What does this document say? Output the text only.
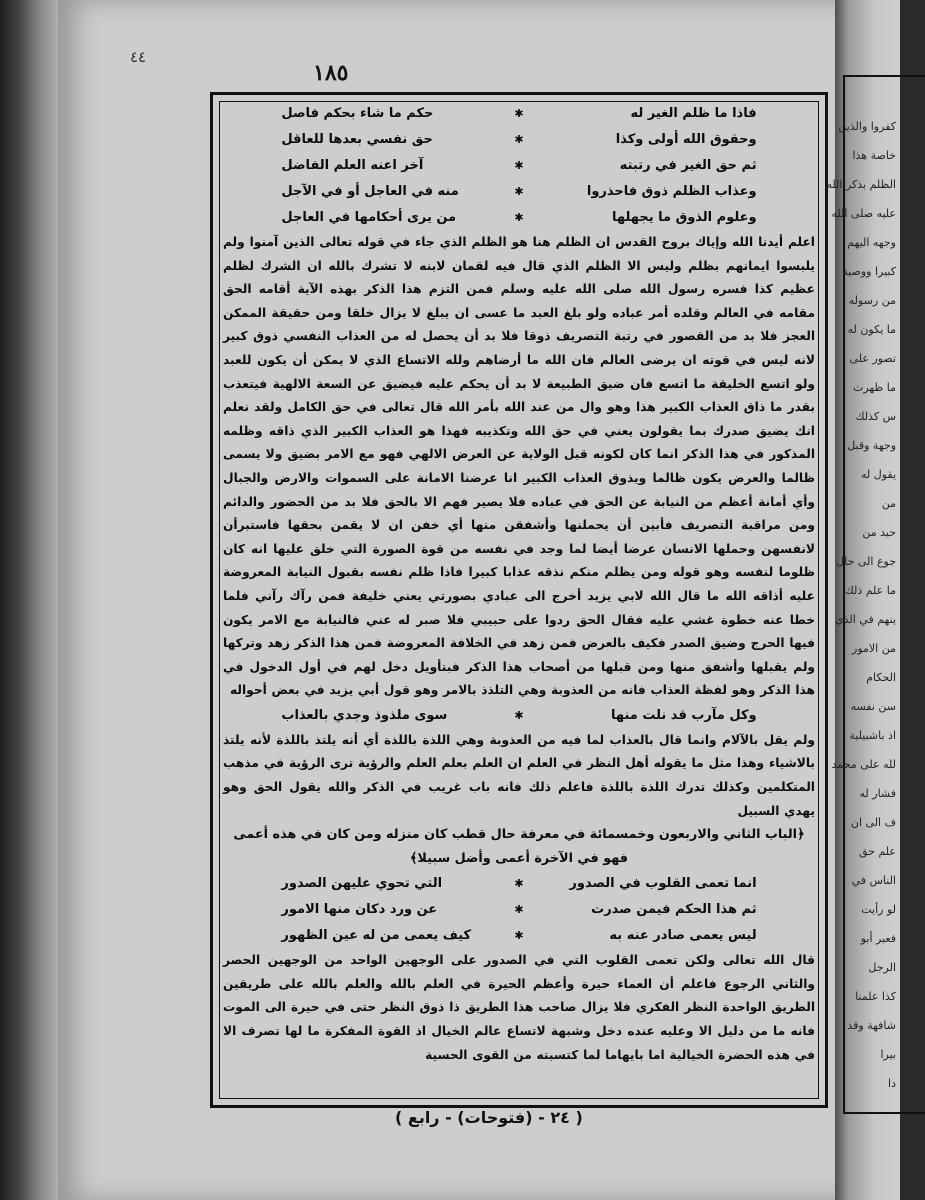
٤٤
١٨٥
فاذا ما ظلم الغير له
✱
حكم ما شاء بحكم فاصل
وحقوق الله أولى وكذا
✱
حق نفسي بعدها للعاقل
ثم حق الغير في رتبته
✱
آخر اعنه العلم الفاضل
وعذاب الظلم ذوق فاحذروا
✱
منه في العاجل أو في الآجل
وعلوم الذوق ما يجهلها
✱
من يرى أحكامها في العاجل

اعلم أيدنا الله وإياك بروح القدس ان الظلم هنا هو الظلم الذي جاء في قوله تعالى الذين آمنوا ولم يلبسوا ايمانهم بظلم وليس الا الظلم الذي قال فيه لقمان لابنه لا تشرك بالله ان الشرك لظلم عظيم كذا فسره رسول الله صلى الله عليه وسلم فمن التزم هذا الذكر بهذه الآية أقامه الحق مقامه في العالم وقلده أمر عباده ولو بلغ العبد ما عسى ان يبلغ لا يزال خلقا ومن حقيقة الممكن العجز فلا بد من القصور في رتبة التصريف ذوقا فلا بد أن يحصل له من العذاب النفسي ذوق كبير لانه ليس في قوته ان يرضى العالم فان الله ما أرضاهم ولله الاتساع الذي لا يمكن أن يكون للعبد ولو اتسع الخليقة ما اتسع فان ضيق الطبيعة لا بد أن يحكم عليه فيضيق عن السعة الالهية فيتعذب بقدر ما ذاق العذاب الكبير هذا وهو وال من عند الله بأمر الله قال تعالى في حق الكامل ولقد نعلم انك يضيق صدرك بما يقولون يعني في حق الله وتكذيبه فهذا هو العذاب الكبير الذي ذاقه وظلمه المذكور في هذا الذكر انما كان لكونه قبل الولاية عن العرض الالهي فهو مع الامر بضيق ولا يسمى ظالما والعرض يكون ظالما ويذوق العذاب الكبير انا عرضنا الامانة على السموات والارض والجبال وأي أمانة أعظم من النيابة عن الحق في عباده فلا يصير فهم الا بالحق فلا بد من الحضور والدائم ومن مراقبة التصريف فأبين أن يحملنها وأشفقن منها أي خفن ان لا يقمن بحقها فاستبرأن لانفسهن وحملها الانسان عرضا أيضا لما وجد في نفسه من قوة الصورة التي خلق عليها انه كان ظلوما لنفسه وهو قوله ومن يظلم منكم نذقه عذابا كبيرا فاذا ظلم نفسه بقبول النيابة المعروضة عليه أذاقه الله ما قال الله لابي يزيد أخرج الى عبادي بصورتي يعني خليفة فمن رآك رآني فلما خطا عنه خطوة غشي عليه فقال الحق ردوا على حبيبي فلا صبر له عني فالنيابة مع الامر يكون فيها الحرج وضيق الصدر فكيف بالعرض فمن زهد في الخلافة المعروضة فمن هذا الذكر زهد وتركها ولم يقبلها وأشفق منها ومن قبلها من أصحاب هذا الذكر فبتأويل دخل لهم في أول الدخول في هذا الذكر وهو لفظة العذاب فانه من العذوبة وهي التلذذ بالامر وهو قول أبي يزيد في بعض أحواله

وكل مآرب قد نلت منها
✱
سوى ملذوذ وجدي بالعذاب

ولم يقل بالآلام وانما قال بالعذاب لما فيه من العذوبة وهي اللذة باللذة أي أنه يلتذ باللذة لأنه يلتذ بالاشياء وهذا مثل ما يقوله أهل النظر في العلم ان العلم بعلم العلم والرؤية ترى الرؤية في مذهب المتكلمين وكذلك تدرك اللذة باللذة فاعلم ذلك فانه باب غريب في الذكر والله يقول الحق وهو يهدي السبيل

﴿الباب الثاني والاربعون وخمسمائة في معرفة حال قطب كان منزله ومن كان في هذه أعمى فهو في الآخرة أعمى وأضل سبيلا﴾

انما تعمى القلوب في الصدور
✱
التي تحوي عليهن الصدور
ثم هذا الحكم فيمن صدرت
✱
عن ورد دكان منها الامور
ليس يعمى صادر عنه به
✱
كيف يعمى من له عين الظهور

قال الله تعالى ولكن تعمى القلوب التي في الصدور على الوجهين الواحد من الوجهين الحصر والثاني الرجوع فاعلم أن العماء حيرة وأعظم الحيرة في العلم بالله والعلم بالله على طريقين الطريق الواحدة النظر الفكري فلا يزال صاحب هذا الطريق ذا ذوق النظر حتى في حيرة الى الموت فانه ما من دليل الا وعليه عنده دخل وشبهة لاتساع عالم الخيال اذ القوة المفكرة ما لها تصرف الا في هذه الحضرة الخيالية اما بايهاما لما كتسبته من القوى الحسية

( ٢٤ - (فتوحات) - رابع )
كفروا والذين
خاصة هذا
الظلم بذكر الله
عليه صلى الله
وجهه اليهم
كبيرا ووصية
من رسوله
ما يكون له
تصور على
ما ظهرت
س كذلك
وجهة وقبل
يقول له
من
حيد من
جوع الى حال
ما علم ذلك
ينهم في الذي
من الامور
الحكام
سن نفسه
اذ باشبيلية
لله على محمد
فشار له
ف الى ان
علم حق
الناس في
لو رأيت
فعبر أبو
الرجل
كذا علمنا
شافهة وقد
بيرا
دا
